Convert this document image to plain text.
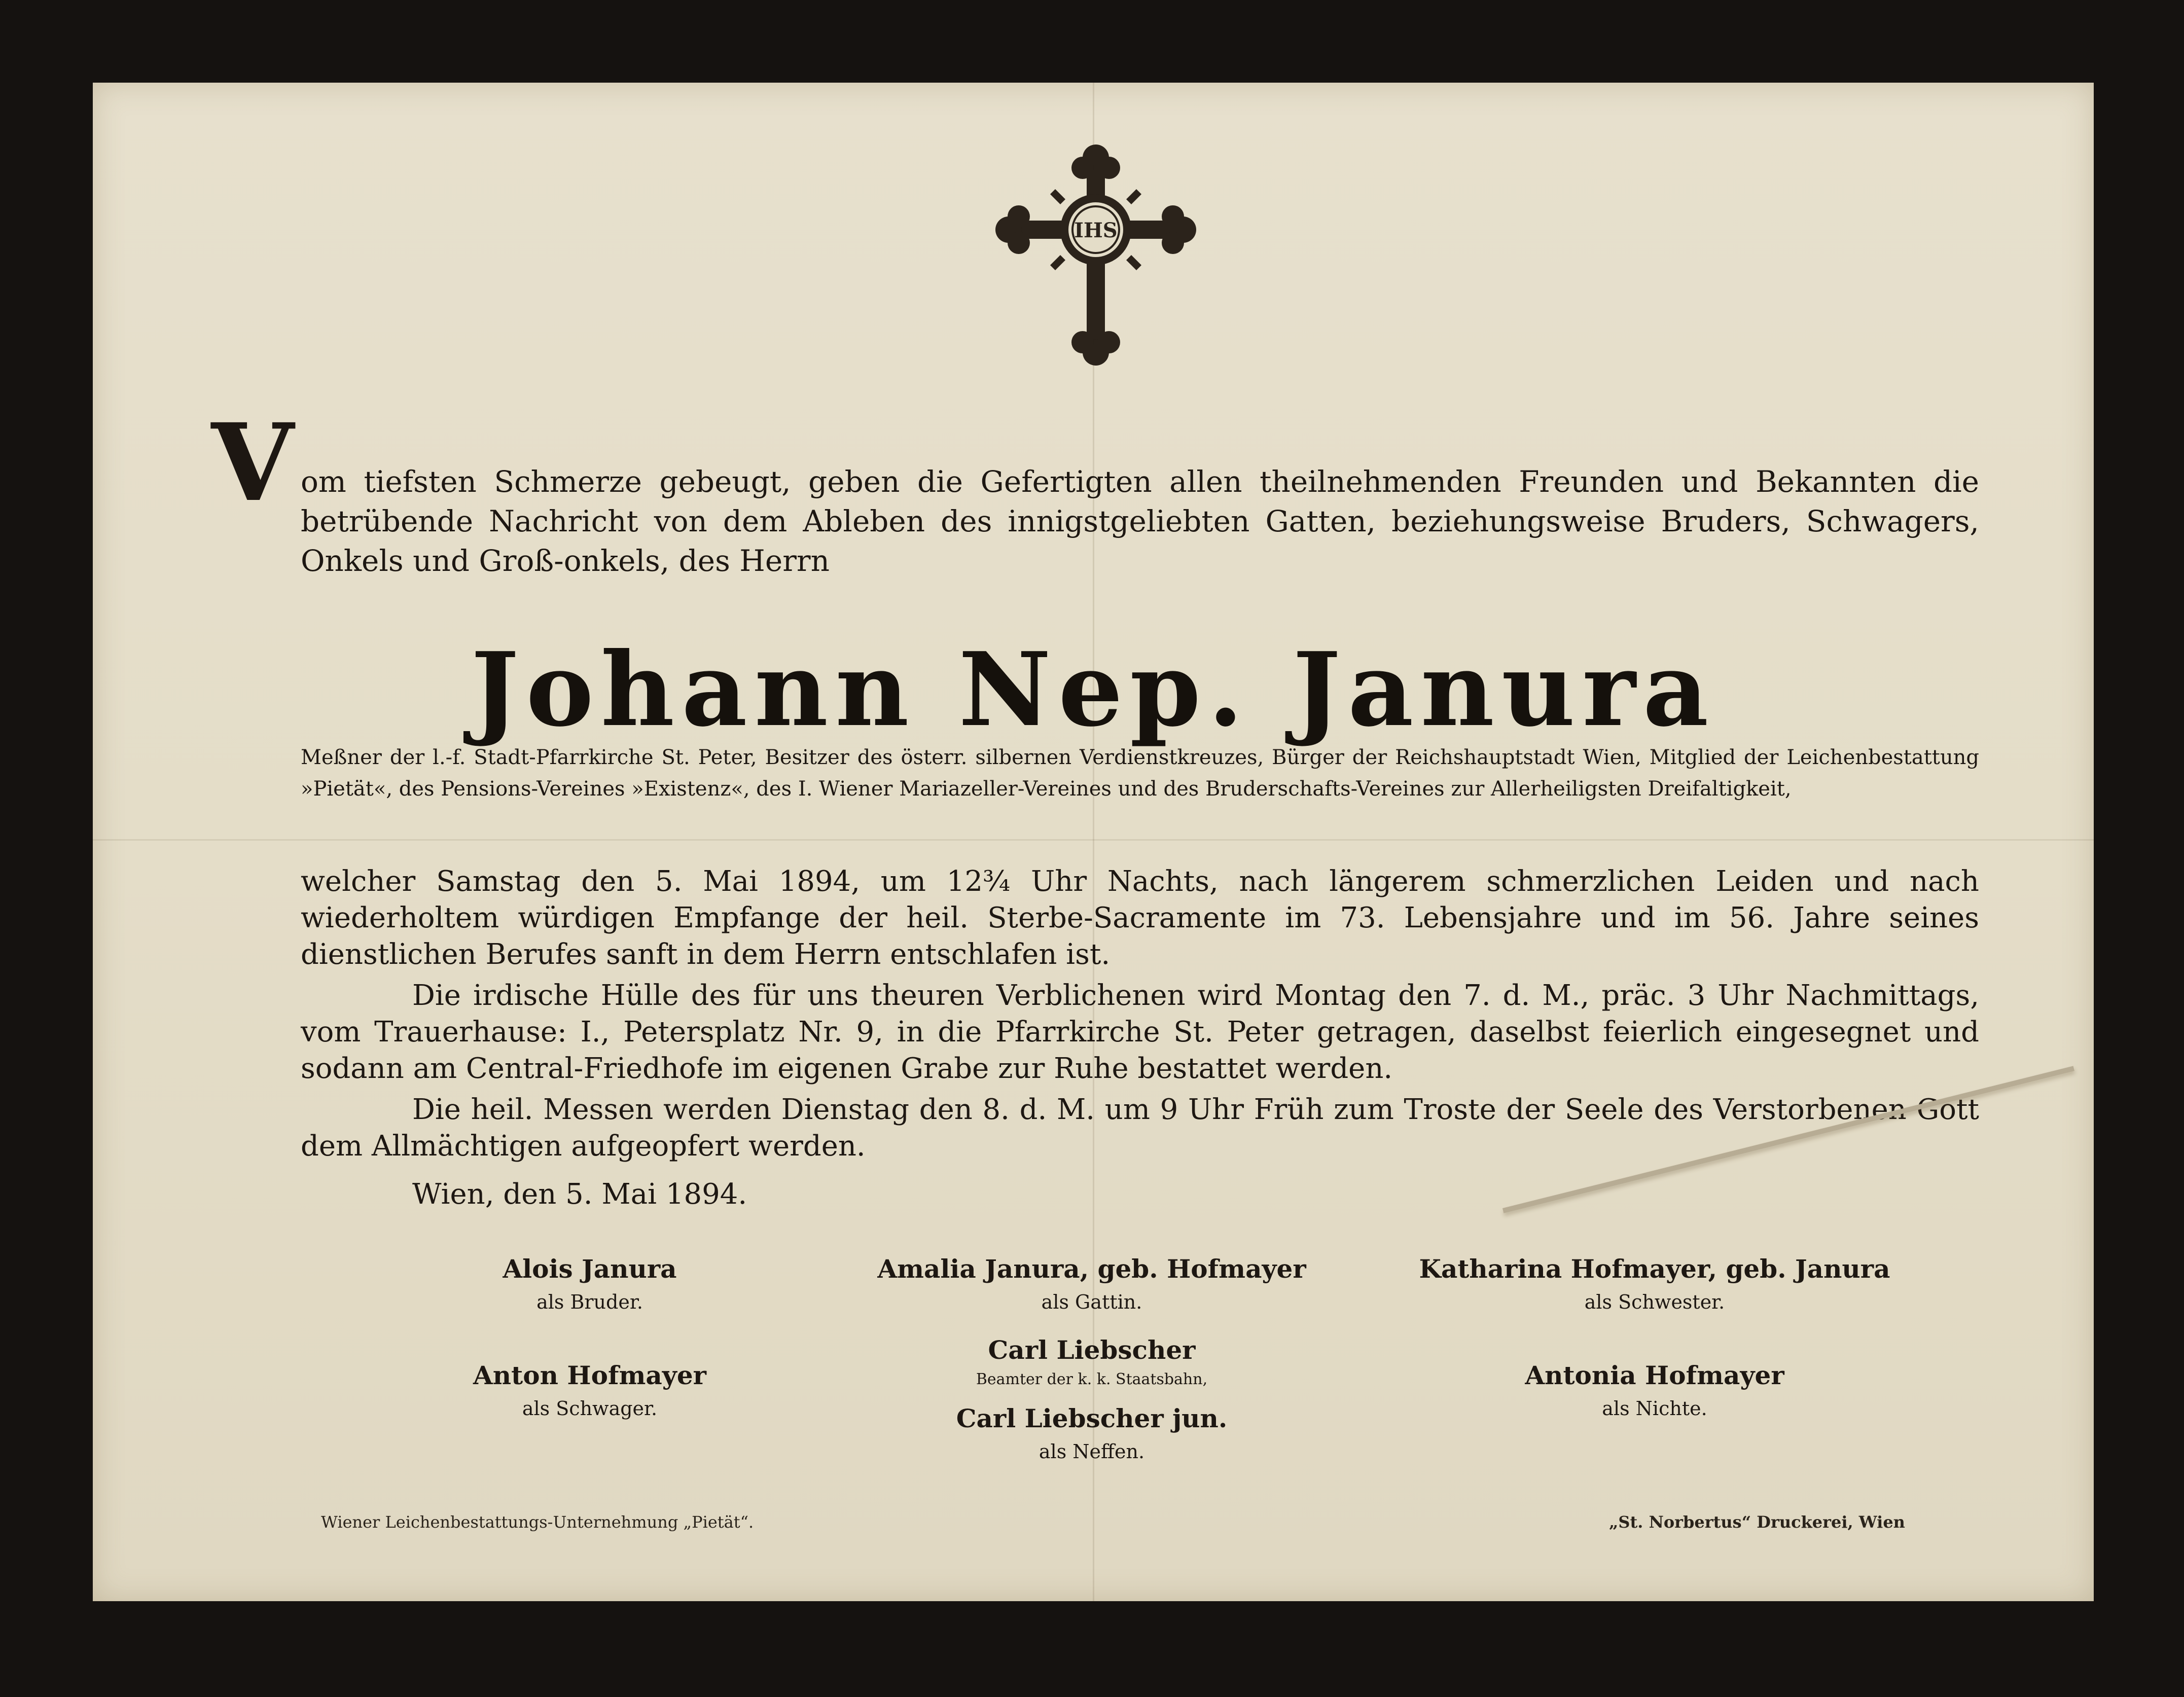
IHS
V om tiefsten Schmerze gebeugt, geben die Gefertigten allen theilnehmenden Freunden und Bekannten die betrübende Nachricht von dem Ableben des innigstgeliebten Gatten, beziehungsweise Bruders, Schwagers, Onkels und Groß-onkels, des Herrn
Johann Nep. Janura
Meßner der l.-f. Stadt-Pfarrkirche St. Peter, Besitzer des österr. silbernen Verdienstkreuzes, Bürger der Reichshauptstadt Wien, Mitglied der Leichenbestattung »Pietät«, des Pensions-Vereines »Existenz«, des I. Wiener Mariazeller-Vereines und des Bruderschafts-Vereines zur Allerheiligsten Dreifaltigkeit,
welcher Samstag den 5. Mai 1894, um 12¾ Uhr Nachts, nach längerem schmerzlichen Leiden und nach wiederholtem würdigen Empfange der heil. Sterbe-Sacramente im 73. Lebensjahre und im 56. Jahre seines dienstlichen Berufes sanft in dem Herrn entschlafen ist.
Die irdische Hülle des für uns theuren Verblichenen wird Montag den 7. d. M., präc. 3 Uhr Nachmittags, vom Trauerhause: I., Petersplatz Nr. 9, in die Pfarrkirche St. Peter getragen, daselbst feierlich eingesegnet und sodann am Central-Friedhofe im eigenen Grabe zur Ruhe bestattet werden.
Die heil. Messen werden Dienstag den 8. d. M. um 9 Uhr Früh zum Troste der Seele des Verstorbenen Gott dem Allmächtigen aufgeopfert werden.
Wien, den 5. Mai 1894.
Alois Janura
als Bruder.
Amalia Janura, geb. Hofmayer
als Gattin.
Katharina Hofmayer, geb. Janura
als Schwester.
Anton Hofmayer
als Schwager.
Carl Liebscher
Beamter der k. k. Staatsbahn,
Carl Liebscher jun.
als Neffen.
Antonia Hofmayer
als Nichte.
Wiener Leichenbestattungs-Unternehmung „Pietät“.	„St. Norbertus“ Druckerei, Wien
